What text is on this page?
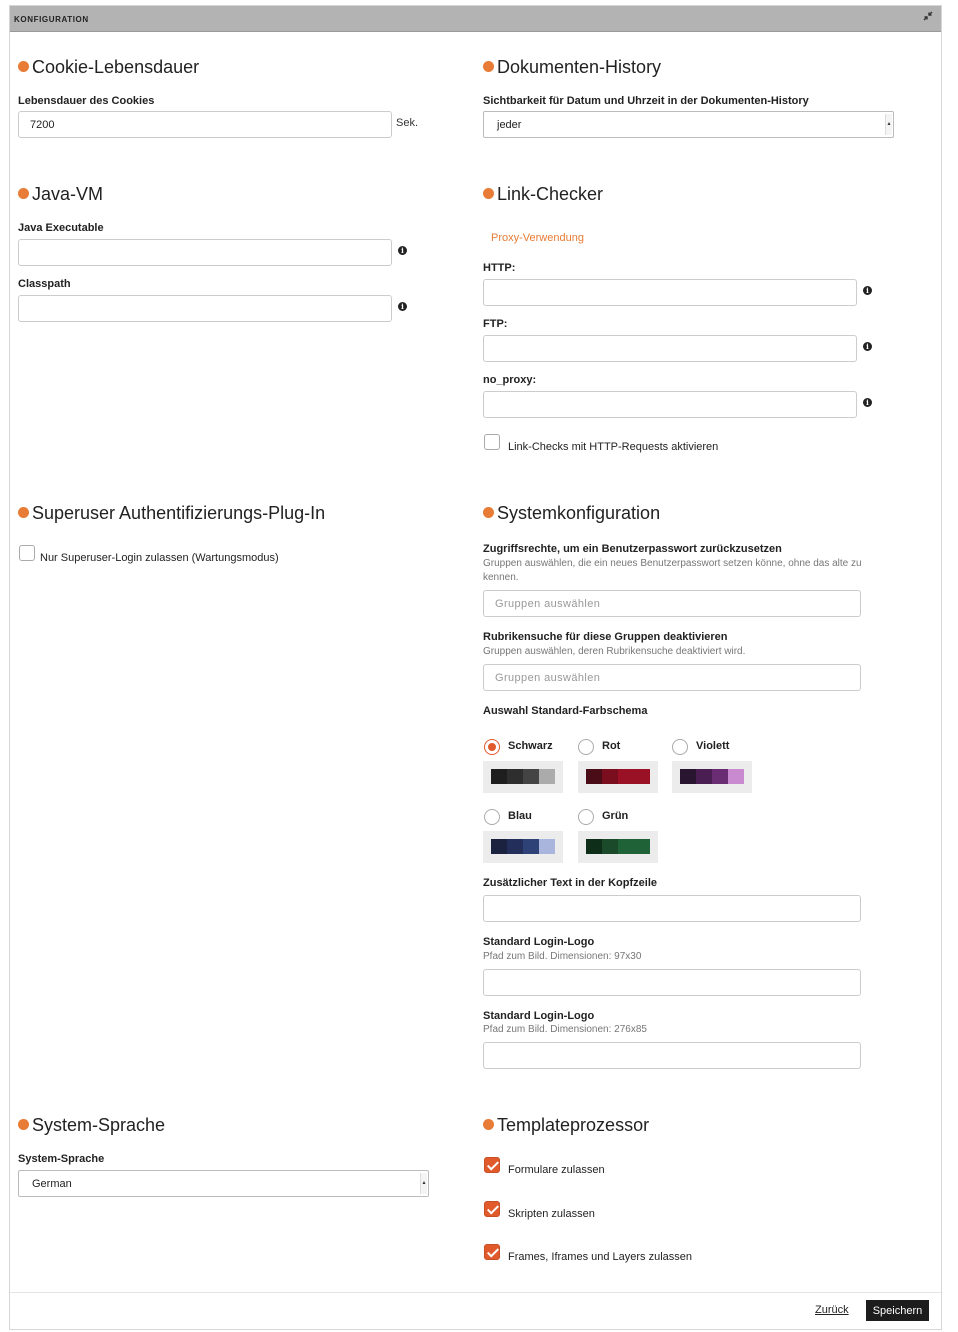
KONFIGURATION
Cookie-Lebensdauer
Lebensdauer des Cookies
7200	Sek.
Dokumenten-History
Sichtbarkeit für Datum und Uhrzeit in der Dokumenten-History
jeder	▴

Java-VM
Java Executable
i
Classpath
i
Link-Checker
Proxy-Verwendung
HTTP:
i
FTP:
i
no_proxy:
i
Link-Checks mit HTTP-Requests aktivieren
Superuser Authentifizierungs-Plug-In
Nur Superuser-Login zulassen (Wartungsmodus)
Systemkonfiguration
Zugriffsrechte, um ein Benutzerpasswort zurückzusetzen
Gruppen auswählen, die ein neues Benutzerpasswort setzen könne, ohne das alte zu kennen.
Gruppen auswählen
Rubrikensuche für diese Gruppen deaktivieren
Gruppen auswählen, deren Rubrikensuche deaktiviert wird.
Gruppen auswählen
Auswahl Standard-Farbschema
Schwarz	Rot	Violett
Blau	Grün
Zusätzlicher Text in der Kopfzeile
Standard Login-Logo
Pfad zum Bild. Dimensionen: 97x30
Standard Login-Logo
Pfad zum Bild. Dimensionen: 276x85
System-Sprache
System-Sprache
German	▴
Templateprozessor
Formulare zulassen
Skripten zulassen
Frames, Iframes und Layers zulassen
Zurück	Speichern
